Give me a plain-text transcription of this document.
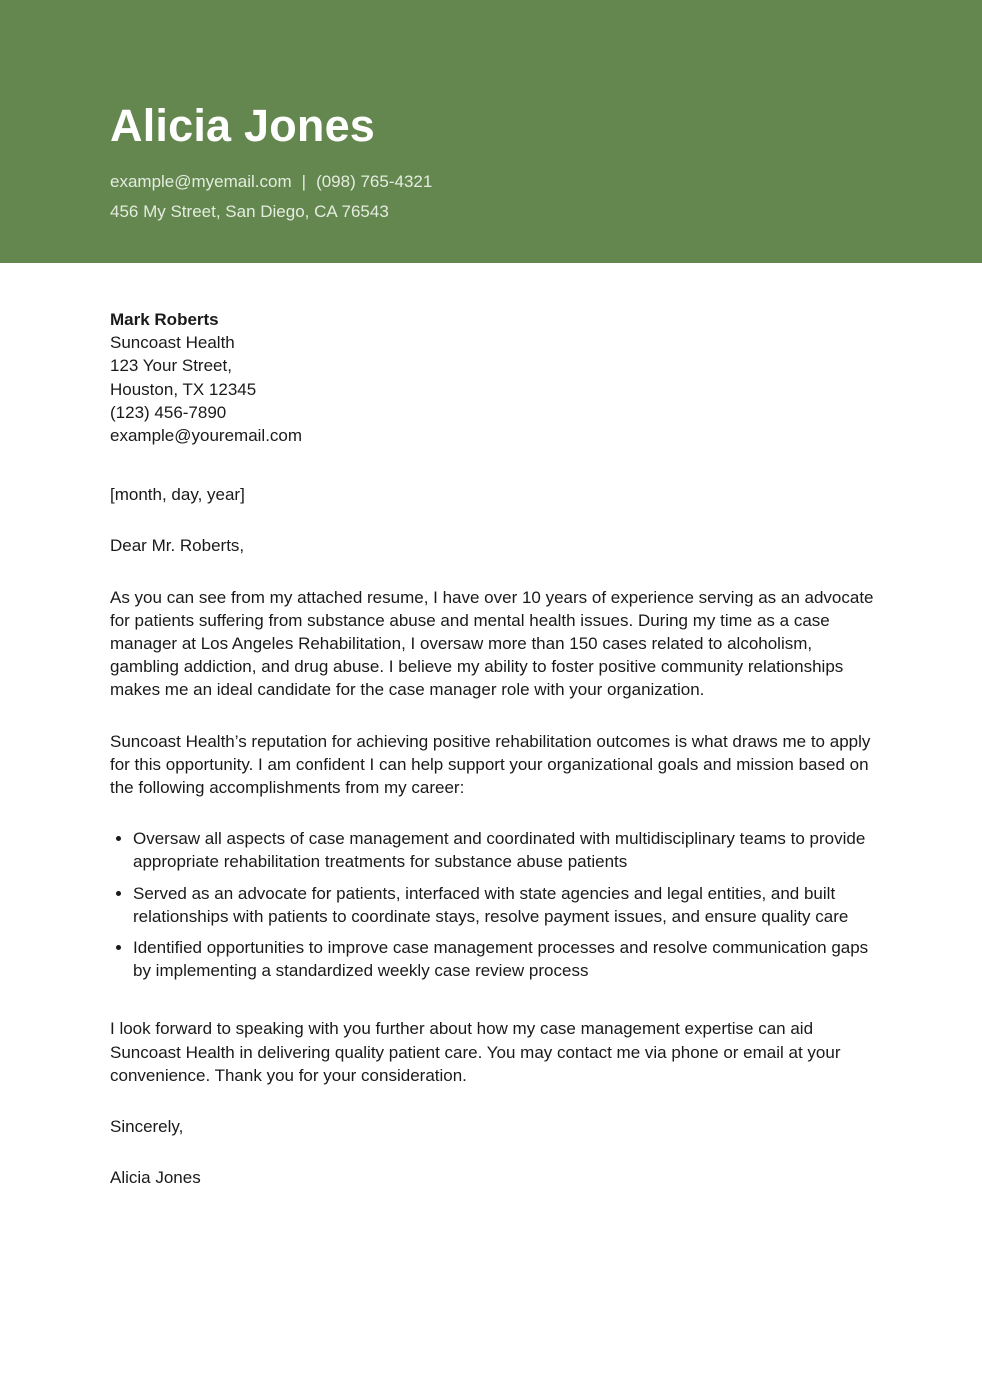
Alicia Jones
example@myemail.com | (098) 765-4321
456 My Street, San Diego, CA 76543
Mark Roberts
Suncoast Health
123 Your Street,
Houston, TX 12345
(123) 456-7890
example@youremail.com

[month, day, year]

Dear Mr. Roberts,

As you can see from my attached resume, I have over 10 years of experience serving as an advocate for patients suffering from substance abuse and mental health issues. During my time as a case manager at Los Angeles Rehabilitation, I oversaw more than 150 cases related to alcoholism, gambling addiction, and drug abuse. I believe my ability to foster positive community relationships makes me an ideal candidate for the case manager role with your organization.

Suncoast Health’s reputation for achieving positive rehabilitation outcomes is what draws me to apply for this opportunity. I am confident I can help support your organizational goals and mission based on the following accomplishments from my career:

• Oversaw all aspects of case management and coordinated with multidisciplinary teams to provide appropriate rehabilitation treatments for substance abuse patients
• Served as an advocate for patients, interfaced with state agencies and legal entities, and built relationships with patients to coordinate stays, resolve payment issues, and ensure quality care
• Identified opportunities to improve case management processes and resolve communication gaps by implementing a standardized weekly case review process

I look forward to speaking with you further about how my case management expertise can aid Suncoast Health in delivering quality patient care. You may contact me via phone or email at your convenience. Thank you for your consideration.

Sincerely,

Alicia Jones
